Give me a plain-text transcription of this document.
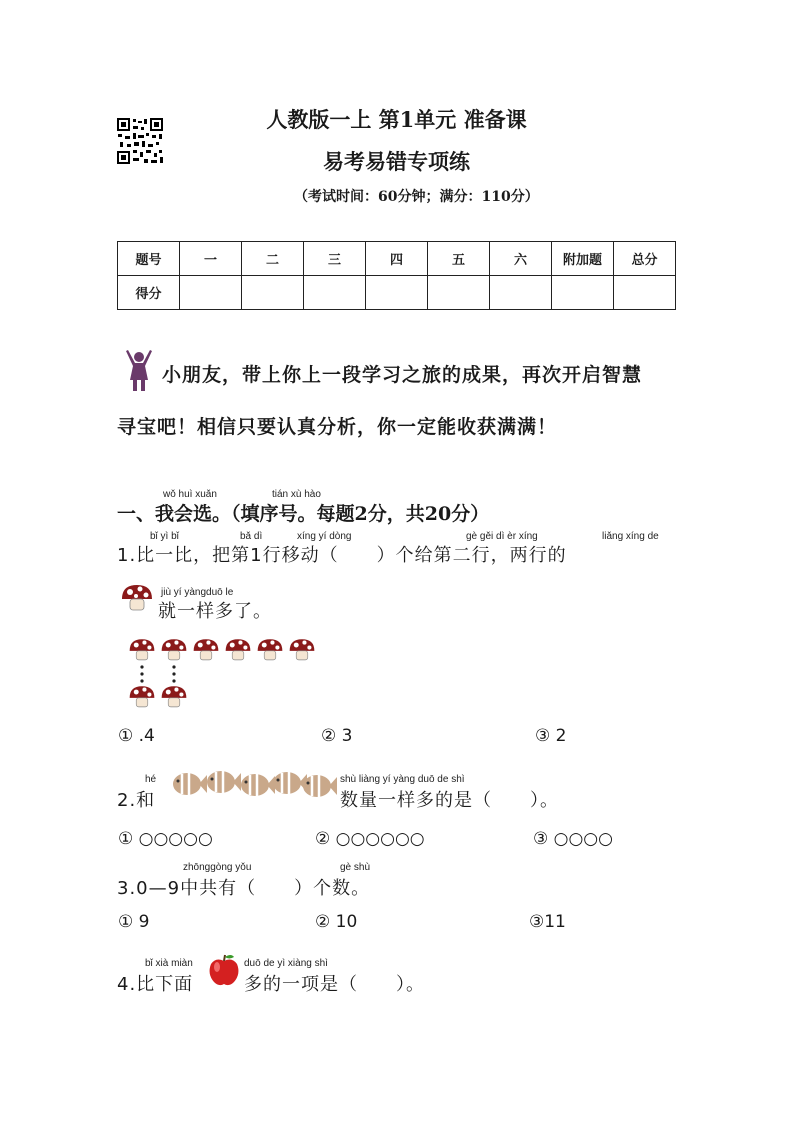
人教版一上 第1单元 准备课
易考易错专项练
（考试时间：60分钟；满分：110分）
题号	一	二	三	四	五	六	附加题	总分
得分								
小朋友，带上你上一段学习之旅的成果，再次开启智慧
寻宝吧！相信只要认真分析，你一定能收获满满！
wǒ huì xuǎn	tián xù hào
一、我会选。（填序号。每题2分，共20分）
bǐ yì bǐ	bǎ dì	xíng yí dòng	gè gěi dì èr xíng	liǎng xíng de
1.比一比，把第1行移动（　　）个给第二行，两行的
jiù yí yàngduō le
就一样多了。
① .4	② 3	③ 2
hé	shù liàng yí yàng duō de shì
2.和	数量一样多的是（　　）。
① ○○○○○	② ○○○○○○	③ ○○○○
zhōnggòng yǒu	gè shù
3.0—9中共有（　　）个数。
① 9	② 10	③11
bǐ xià miàn	duō de yì xiàng shì
4.比下面	多的一项是（　　）。
